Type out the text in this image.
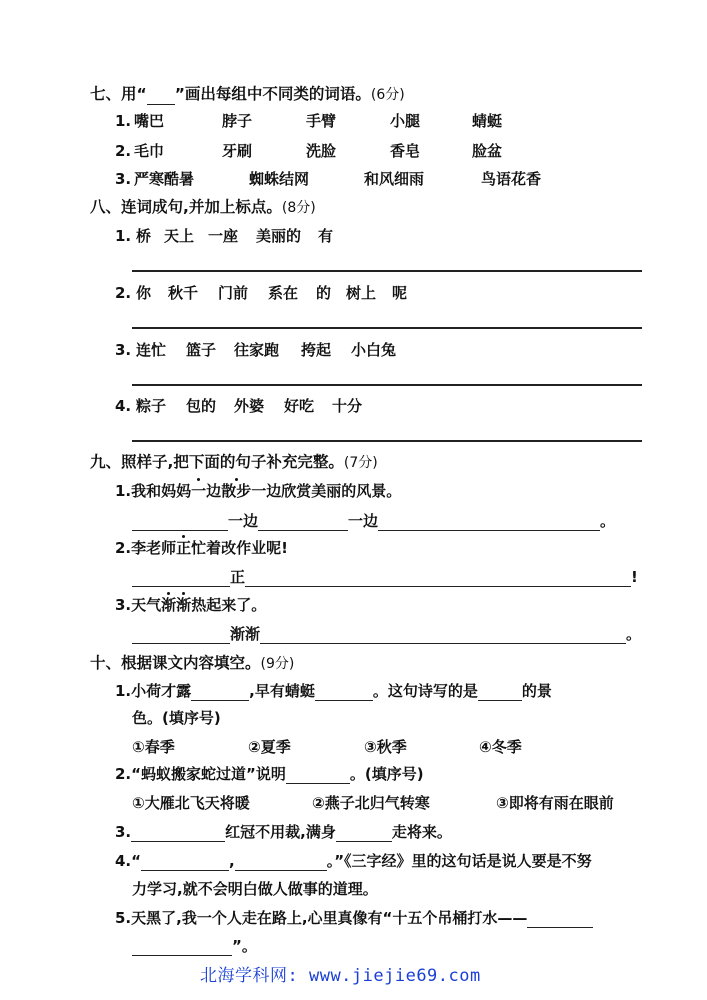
七、用“ ”画出每组中不同类的词语。(6分)
1. 嘴巴	脖子	手臂	小腿	蜻蜓
2. 毛巾	牙刷	洗脸	香皂	脸盆
3. 严寒酷暑	蜘蛛结网	和风细雨	鸟语花香
八、连词成句,并加上标点。(8分)
1. 桥 天上 一座	美丽的	有
2. 你	秋千	门前	系在	的 树上	呢
3. 连忙	篮子	往家跑	挎起	小白兔
4. 粽子	包的	外婆	好吃	十分
九、照样子,把下面的句子补充完整。(7分)
1.我和妈妈一边散步一边欣赏美丽的风景。
一边	一边	。
2.李老师正忙着改作业呢!
正	!
3.天气渐渐热起来了。
渐渐	。
十、根据课文内容填空。(9分)
1.小荷才露	,早有蜻蜓	。这句诗写的是	的景
色。(填序号)
①春季	②夏季	③秋季	④冬季
2.“蚂蚁搬家蛇过道”说明	。(填序号)
①大雁北飞天将暖	②燕子北归气转寒	③即将有雨在眼前
3.	红冠不用裁,满身	走将来。
4.“	,	。”《三字经》里的这句话是说人要是不努
力学习,就不会明白做人做事的道理。
5.天黑了,我一个人走在路上,心里真像有“十五个吊桶打水——
”。
北海学科网: www.jiejie69.com
